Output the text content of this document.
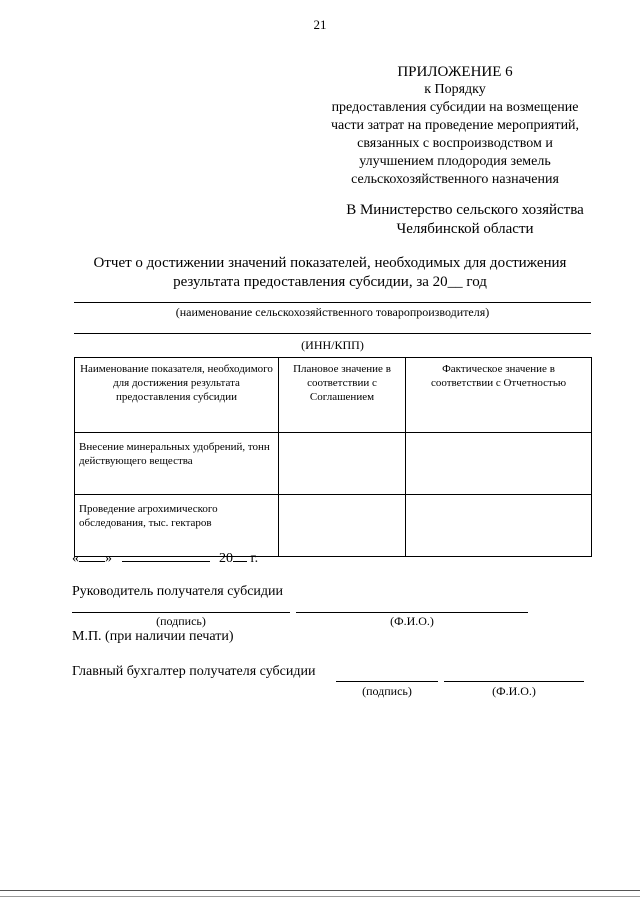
21
ПРИЛОЖЕНИЕ 6
к Порядку
предоставления субсидии на возмещение
части затрат на проведение мероприятий,
связанных с воспроизводством и
улучшением плодородия земель
сельскохозяйственного назначения
В Министерство сельского хозяйства
Челябинской области
Отчет о достижении значений показателей, необходимых для достижения
результата предоставления субсидии, за 20__ год
(наименование сельскохозяйственного товаропроизводителя)
(ИНН/КПП)
Наименование показателя, необходимого для достижения результата предоставления субсидии	Плановое значение в соответствии с Соглашением	Фактическое значение в соответствии с Отчетностью
Внесение минеральных удобрений, тонн действующего вещества		
Проведение агрохимического обследования, тыс. гектаров		
« »	20 г.
Руководитель получателя субсидии
(подпись)	(Ф.И.О.)
М.П. (при наличии печати)
Главный бухгалтер получателя субсидии
(подпись)	(Ф.И.О.)
